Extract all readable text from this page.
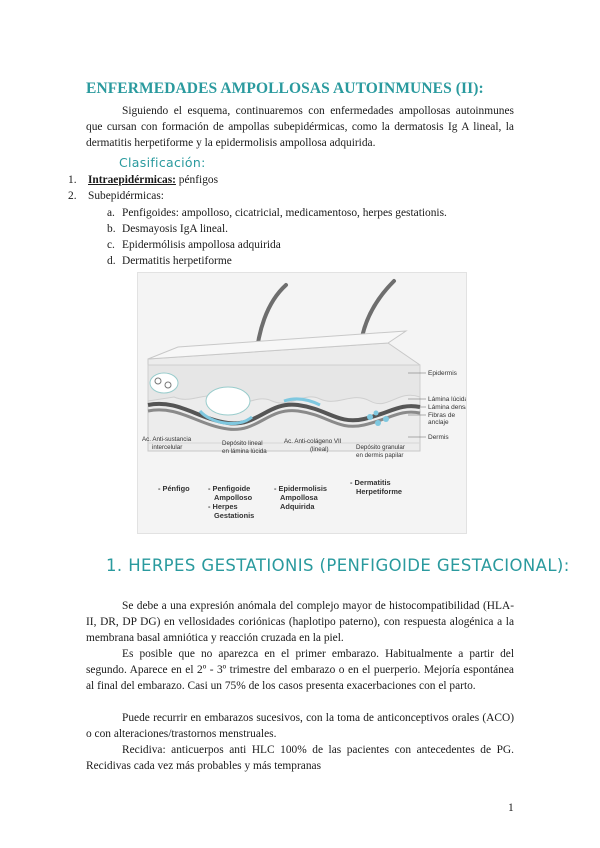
ENFERMEDADES AMPOLLOSAS AUTOINMUNES (II):
Siguiendo el esquema, continuaremos con enfermedades ampollosas autoinmunes que cursan con formación de ampollas subepidérmicas, como la dermatosis Ig A lineal, la dermatitis herpetiforme y la epidermolisis ampollosa adquirida.
Clasificación:
1. Intraepidérmicas: pénfigos
2. Subepidérmicas:
a. Penfigoides: ampolloso, cicatricial, medicamentoso, herpes gestationis.
b. Desmayosis IgA lineal.
c. Epidermólisis ampollosa adquirida
d. Dermatitis herpetiforme
Epidermis
Lámina lúcida
Lámina densa
Fibras de
anclaje
Dermis
Ac. Anti-sustancia
intercelular
Depósito lineal
en lámina lúcida
Ac. Anti-colágeno VII
(lineal)	Depósito granular
en dermis papilar
- Pénfigo - Penfigoide
Ampolloso
- Herpes
Gestationis
- Epidermolisis
Ampollosa
Adquirida
- Dermatitis
Herpetiforme
1. HERPES GESTATIONIS (PENFIGOIDE GESTACIONAL):
Se debe a una expresión anómala del complejo mayor de histocompatibilidad (HLA-II, DR, DP DG) en vellosidades coriónicas (haplotipo paterno), con respuesta alogénica a la membrana basal amniótica y reacción cruzada en la piel.
Es posible que no aparezca en el primer embarazo. Habitualmente a partir del segundo. Aparece en el 2º - 3º trimestre del embarazo o en el puerperio. Mejoría espontánea al final del embarazo. Casi un 75% de los casos presenta exacerbaciones con el parto.
Puede recurrir en embarazos sucesivos, con la toma de anticonceptivos orales (ACO) o con alteraciones/trastornos menstruales.
Recidiva: anticuerpos anti HLC 100% de las pacientes con antecedentes de PG. Recidivas cada vez más probables y más tempranas
1
